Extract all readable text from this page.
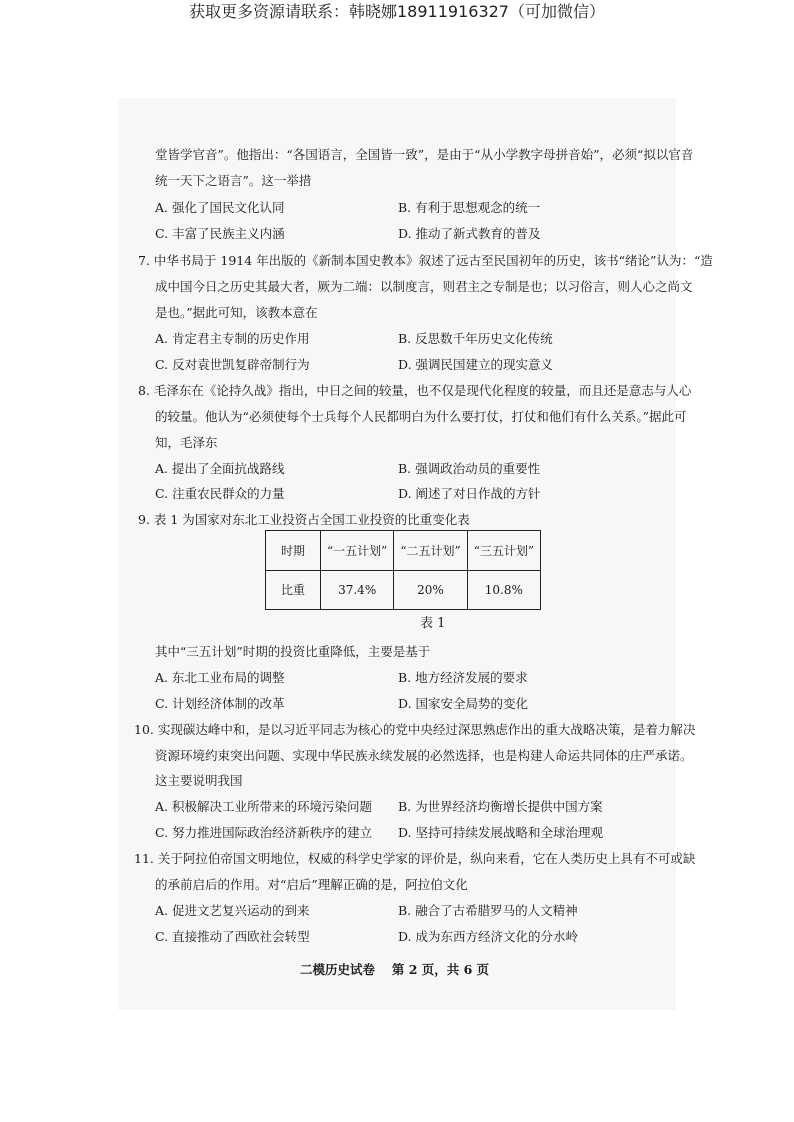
获取更多资源请联系：韩晓娜18911916327（可加微信）
堂皆学官音”。他指出：“各国语言，全国皆一致”，是由于“从小学教字母拼音始”，必须“拟以官音
统一天下之语言”。这一举措
A. 强化了国民文化认同	B. 有利于思想观念的统一
C. 丰富了民族主义内涵	D. 推动了新式教育的普及
7. 中华书局于 1914 年出版的《新制本国史教本》叙述了远古至民国初年的历史，该书“绪论”认为：“造
成中国今日之历史其最大者，厥为二端：以制度言，则君主之专制是也；以习俗言，则人心之尚文
是也。”据此可知，该教本意在
A. 肯定君主专制的历史作用	B. 反思数千年历史文化传统
C. 反对袁世凯复辟帝制行为	D. 强调民国建立的现实意义
8. 毛泽东在《论持久战》指出，中日之间的较量，也不仅是现代化程度的较量，而且还是意志与人心
的较量。他认为“必须使每个士兵每个人民都明白为什么要打仗，打仗和他们有什么关系。”据此可
知，毛泽东
A. 提出了全面抗战路线	B. 强调政治动员的重要性
C. 注重农民群众的力量	D. 阐述了对日作战的方针
9. 表 1 为国家对东北工业投资占全国工业投资的比重变化表
时期	“一五计划”	“二五计划”	“三五计划”
比重	37.4%	20%	10.8%
表 1
其中“三五计划”时期的投资比重降低，主要是基于
A. 东北工业布局的调整	B. 地方经济发展的要求
C. 计划经济体制的改革	D. 国家安全局势的变化
10. 实现碳达峰中和，是以习近平同志为核心的党中央经过深思熟虑作出的重大战略决策，是着力解决
资源环境约束突出问题、实现中华民族永续发展的必然选择，也是构建人命运共同体的庄严承诺。
这主要说明我国
A. 积极解决工业所带来的环境污染问题 B. 为世界经济均衡增长提供中国方案
C. 努力推进国际政治经济新秩序的建立 D. 坚持可持续发展战略和全球治理观
11. 关于阿拉伯帝国文明地位，权威的科学史学家的评价是，纵向来看，它在人类历史上具有不可或缺
的承前启后的作用。对“启后”理解正确的是，阿拉伯文化
A. 促进文艺复兴运动的到来	B. 融合了古希腊罗马的人文精神
C. 直接推动了西欧社会转型	D. 成为东西方经济文化的分水岭
二模历史试卷　 第 2 页，共 6 页
